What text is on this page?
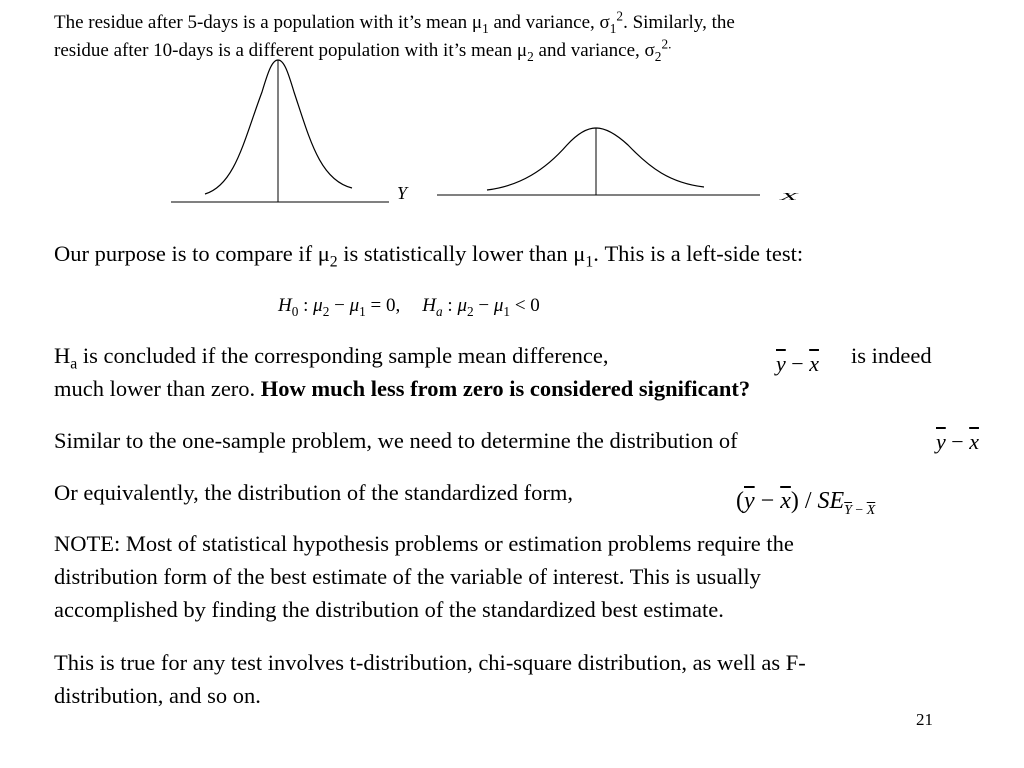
The residue after 5-days is a population with it’s mean $\mu_1$ and variance, $\sigma_1^2$. Similarly, the
residue after 10-days is a different population with it’s mean $\mu_2$ and variance, $\sigma_2^{2.}$
Y	X
Our purpose is to compare if $\mu_2$ is statistically lower than $\mu_1$. This is a left-side test:
$H_0$ : $\mu_2 - \mu_1 = 0$, $H_a$ : $\mu_2 - \mu_1 < 0$
$H_a$ is concluded if the corresponding sample mean difference,	$\overline{y} - \overline{x}$ is indeed
much lower than zero. How much less from zero is considered significant?
Similar to the one-sample problem, we need to determine the distribution of	$\overline{y} - \overline{x}$
Or equivalently, the distribution of the standardized form,	$(\overline{y} - \overline{x}) / SE_{\overline{Y} - \overline{X}}$
NOTE: Most of statistical hypothesis problems or estimation problems require the
distribution form of the best estimate of the variable of interest. This is usually
accomplished by finding the distribution of the standardized best estimate.
This is true for any test involves t-distribution, chi-square distribution, as well as F-
distribution, and so on.
21
